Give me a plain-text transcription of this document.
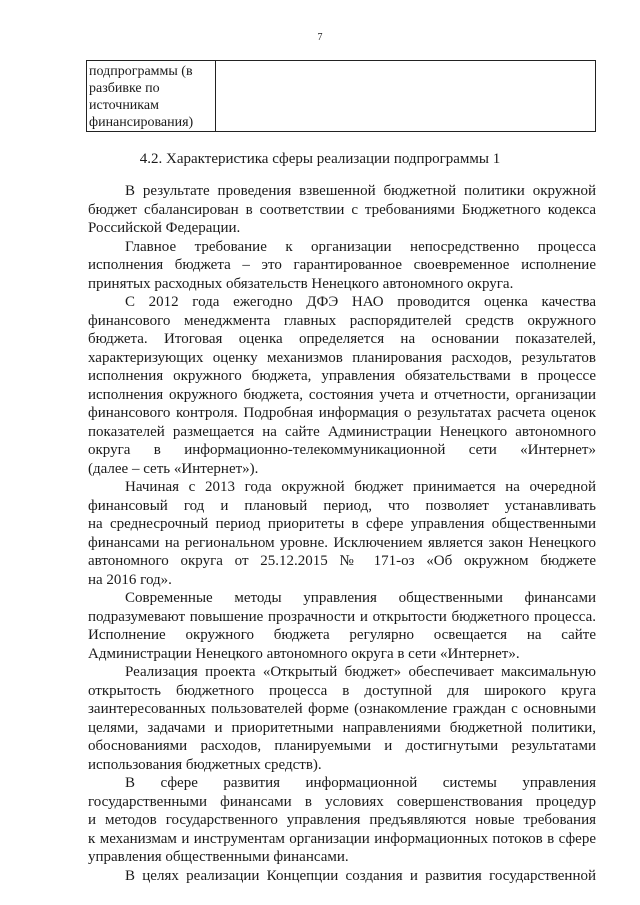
7
подпрограммы (в
разбивке по
источникам
финансирования)

4.2. Характеристика сферы реализации подпрограммы 1
В результате проведения взвешенной бюджетной политики окружной
бюджет сбалансирован в соответствии с требованиями Бюджетного кодекса
Российской Федерации.
Главное требование к организации непосредственно процесса
исполнения бюджета – это гарантированное своевременное исполнение
принятых расходных обязательств Ненецкого автономного округа.
С 2012 года ежегодно ДФЭ НАО проводится оценка качества
финансового менеджмента главных распорядителей средств окружного
бюджета. Итоговая оценка определяется на основании показателей,
характеризующих оценку механизмов планирования расходов, результатов
исполнения окружного бюджета, управления обязательствами в процессе
исполнения окружного бюджета, состояния учета и отчетности, организации
финансового контроля. Подробная информация о результатах расчета оценок
показателей размещается на сайте Администрации Ненецкого автономного
округа в информационно-телекоммуникационной сети «Интернет»
(далее – сеть «Интернет»).
Начиная с 2013 года окружной бюджет принимается на очередной
финансовый год и плановый период, что позволяет устанавливать
на среднесрочный период приоритеты в сфере управления общественными
финансами на региональном уровне. Исключением является закон Ненецкого
автономного округа от 25.12.2015 № 171-оз «Об окружном бюджете
на 2016 год».
Современные методы управления общественными финансами
подразумевают повышение прозрачности и открытости бюджетного процесса.
Исполнение окружного бюджета регулярно освещается на сайте
Администрации Ненецкого автономного округа в сети «Интернет».
Реализация проекта «Открытый бюджет» обеспечивает максимальную
открытость бюджетного процесса в доступной для широкого круга
заинтересованных пользователей форме (ознакомление граждан с основными
целями, задачами и приоритетными направлениями бюджетной политики,
обоснованиями расходов, планируемыми и достигнутыми результатами
использования бюджетных средств).
В сфере развития информационной системы управления
государственными финансами в условиях совершенствования процедур
и методов государственного управления предъявляются новые требования
к механизмам и инструментам организации информационных потоков в сфере
управления общественными финансами.
В целях реализации Концепции создания и развития государственной
